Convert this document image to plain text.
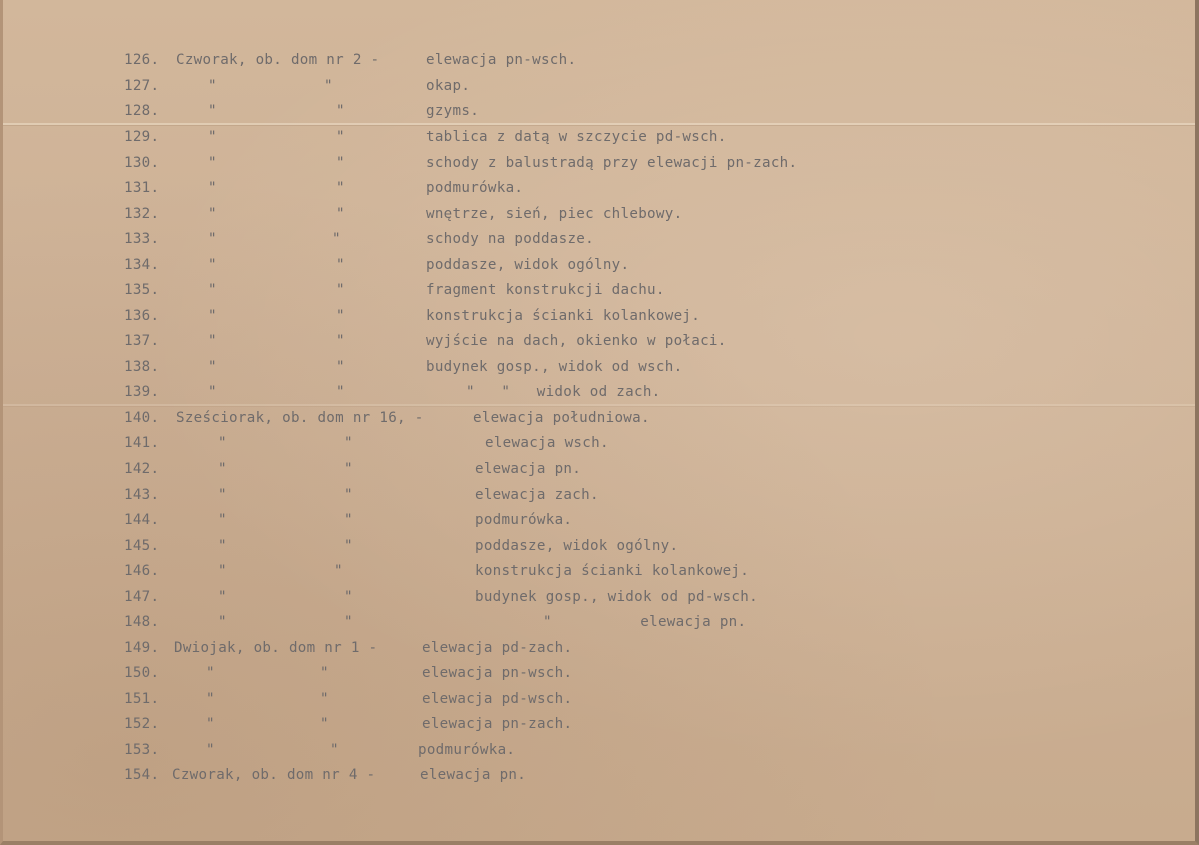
126. Czworak, ob. dom nr 2 -	elewacja pn-wsch.
127.	"	"	okap.
128.	"	"	gzyms.
129.	"	"	tablica z datą w szczycie pd-wsch.
130.	"	"	schody z balustradą przy elewacji pn-zach.
131.	"	"	podmurówka.
132.	"	"	wnętrze, sień, piec chlebowy.
133.	"	"	schody na poddasze.
134.	"	"	poddasze, widok ogólny.
135.	"	"	fragment konstrukcji dachu.
136.	"	"	konstrukcja ścianki kolankowej.
137.	"	"	wyjście na dach, okienko w połaci.
138.	"	"	budynek gosp., widok od wsch.
139.	"	"	"   "   widok od zach.
140. Sześciorak, ob. dom nr 16, -	elewacja południowa.
141.	"	"	elewacja wsch.
142.	"	"	elewacja pn.
143.	"	"	elewacja zach.
144.	"	"	podmurówka.
145.	"	"	poddasze, widok ogólny.
146.	"	"	konstrukcja ścianki kolankowej.
147.	"	"	budynek gosp., widok od pd-wsch.
148.	"	"	"          elewacja pn.
149. Dwiojak, ob. dom nr 1 -	elewacja pd-zach.
150.	"	"	elewacja pn-wsch.
151.	"	"	elewacja pd-wsch.
152.	"	"	elewacja pn-zach.
153.	"	"	podmurówka.
154. Czworak, ob. dom nr 4 -	elewacja pn.
